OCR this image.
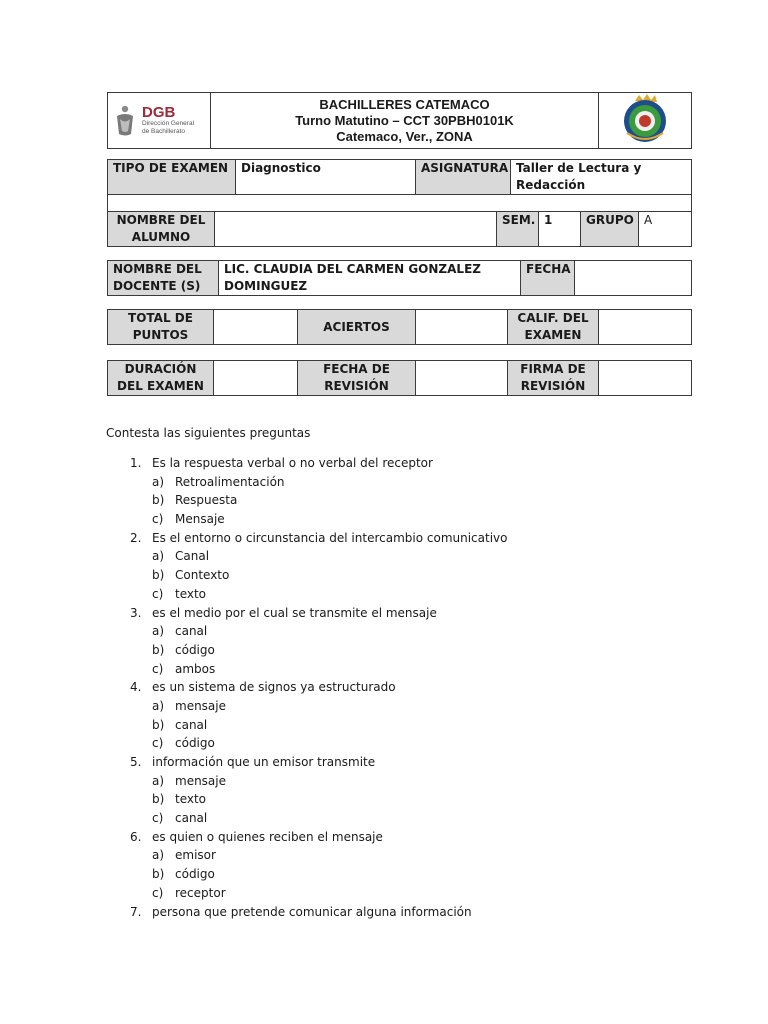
DGB
Dirección General
de Bachillerato

BACHILLERES CATEMACO
Turno Matutino – CCT 30PBH0101K
Catemaco, Ver., ZONA

TIPO DE EXAMEN	Diagnostico	ASIGNATURA	Taller de Lectura y Redacción
NOMBRE DEL ALUMNO		SEM.	1	GRUPO	A
NOMBRE DEL DOCENTE (S)	LIC. CLAUDIA DEL CARMEN GONZALEZ DOMINGUEZ	FECHA	
TOTAL DE PUNTOS		ACIERTOS		CALIF. DEL EXAMEN	
DURACIÓN DEL EXAMEN		FECHA DE REVISIÓN		FIRMA DE REVISIÓN	
Contesta las siguientes preguntas
1. Es la respuesta verbal o no verbal del receptor
a) Retroalimentación
b) Respuesta
c) Mensaje
2. Es el entorno o circunstancia del intercambio comunicativo
a) Canal
b) Contexto
c) texto
3. es el medio por el cual se transmite el mensaje
a) canal
b) código
c) ambos
4. es un sistema de signos ya estructurado
a) mensaje
b) canal
c) código
5. información que un emisor transmite
a) mensaje
b) texto
c) canal
6. es quien o quienes reciben el mensaje
a) emisor
b) código
c) receptor
7. persona que pretende comunicar alguna información
